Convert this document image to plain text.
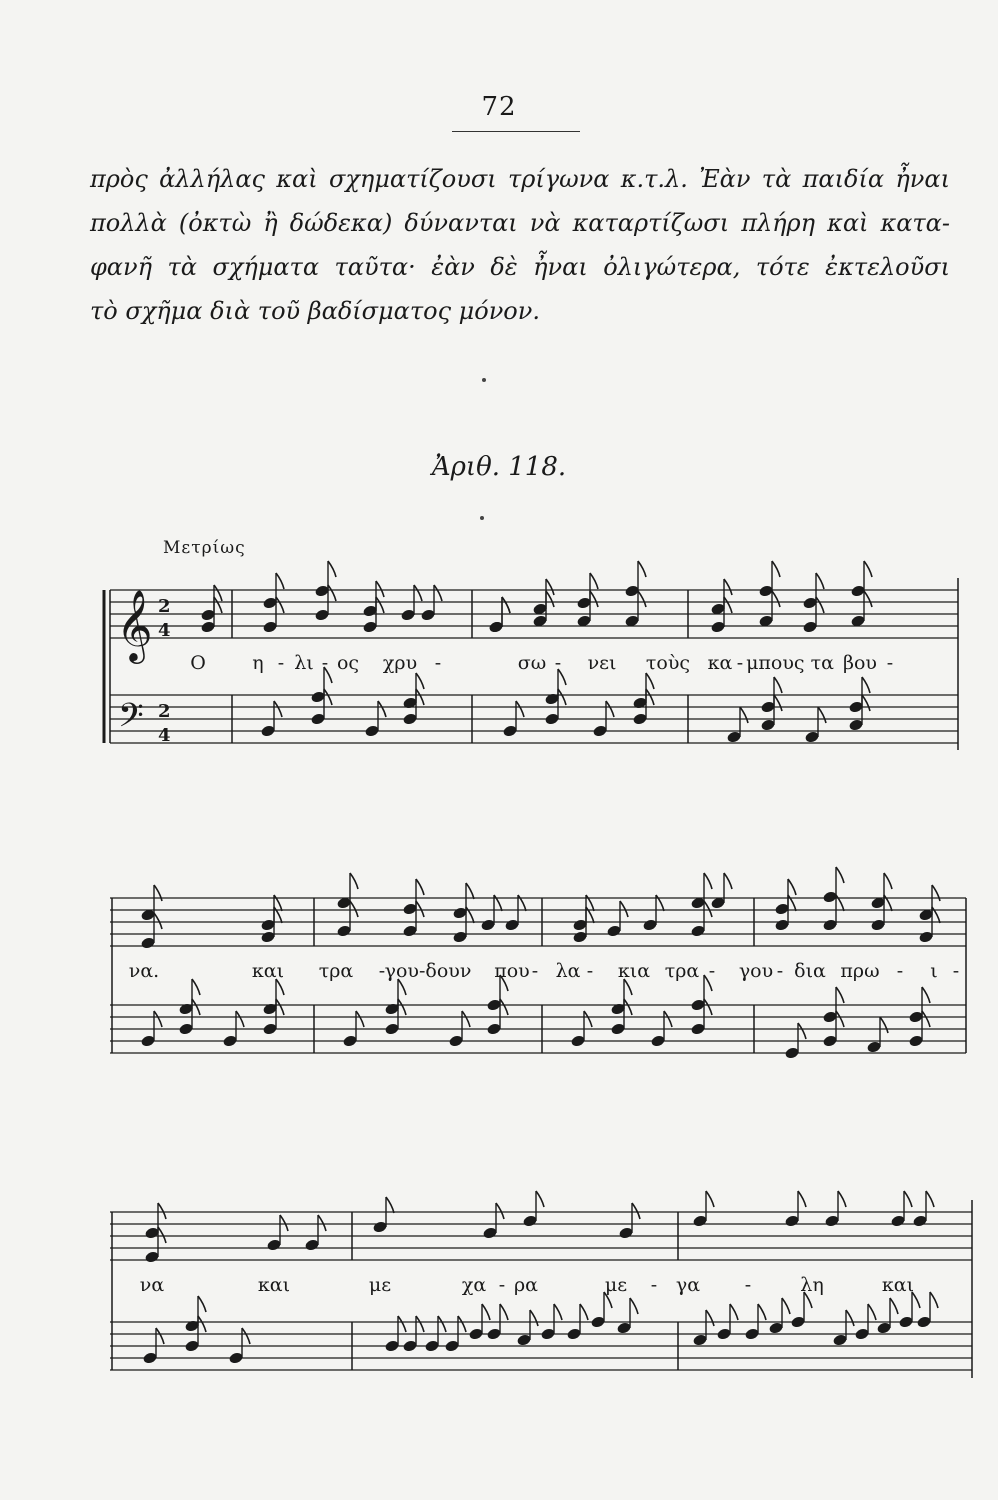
72
πρὸς ἀλλήλας καὶ σχηματίζουσι τρίγωνα κ.τ.λ. Ἐὰν τὰ παιδία ἦναι
πολλὰ (ὀκτὼ ἢ δώδεκα) δύνανται νὰ καταρτίζωσι πλήρη καὶ κατα-
φανῆ τὰ σχήματα ταῦτα· ἐὰν δὲ ἦναι ὀλιγώτερα, τότε ἐκτελοῦσι
τὸ σχῆμα διὰ τοῦ βαδίσματος μόνον.
Ἀριθ. 118.
Μετρίως
𝄞
𝄢
2
4
2
4
Ο η - λι - ος χρυ -	σω - νει τοὺς κα - μπους τα βου -
να.	και τρα - γου-δουν που - λα - κια τρα - γου - δια πρω - ι -
να	και	με	χα - ρα	με - γα -	λη	και
